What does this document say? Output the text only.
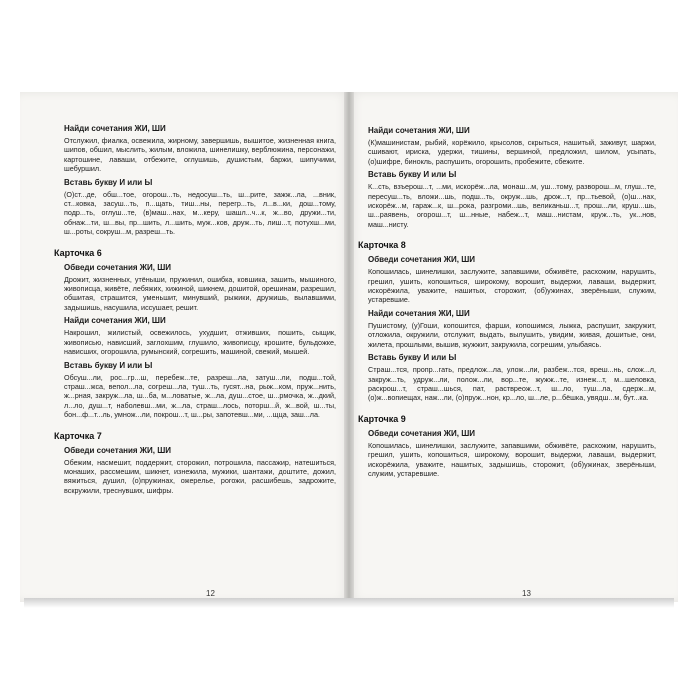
Найди сочетания ЖИ, ШИ
Отслужил, фиалка, освежила, жирному, завершишь, вышитое, жизненная книга, шипов, обшил, мыслить, жилым, вложила, шинелишку, верблюжина, персонажи, картошине, лаваши, отбежите, оглушишь, душистым, баржи, шипучими, шебуршил.
Вставь букву И или Ы
(О)ст...де, обш...тое, огорош...ть, недосуш...ть, ш...рите, зажж...ла, ...вник, ст...ковка, засуш...ть, п...щать, тиш...ны, перегр...ть, л...в...ки, дош...тому, подр...ть, оглуш...те, (в)маш...нах, м...керу, шашл...ч...к, ж...во, дружи...ти, обнаж...ти, ш...вы, пр...шить, л...шить, муж...ков, друж...ть, лиш...т, потухш...ми, ш...роты, сокруш...м, разреш...ть.
Карточка 6
Обведи сочетания ЖИ, ШИ
Дрожит, жизненных, утёныши, пружинил, ошибка, ковшика, зашить, мышиного, живописца, живёте, лебяжих, хижиной, шикнем, дошитой, орешинам, разрешил, обшитая, страшится, уменьшит, минувший, рыжики, дружишь, вылавшими, задышишь, насушила, иссушает, решит.
Найди сочетания ЖИ, ШИ
Накрошил, жилистый, освежилось, ухудшит, отживших, пошить, сыщик, живописью, нависший, заглохшим, глушило, живописцу, крошите, бульдожке, нависших, огорошила, румынский, согрешить, машиной, свежий, мышей.
Вставь букву И или Ы
Обсуш...ли, рос...гр...ш, перебеж...те, разреш...ла, затуш...ли, подш...той, страш...жса, вепол...ла, согреш...ла, туш...ть, гусят...на, рыж...ком, пруж...нить, ж...рная, закруж...ла, ш...ба, м...ловатые, ж...ла, душ...стое, ш...рмочка, ж...дкий, л...ло, душ...т, наболевш...ми, ж...ла, страш...лось, поторш...й, ж...вой, ш...ты, бон...ф...т...ль, умнож...ли, покрош...т, ш...ры, запотевш...ми, ...щца, заш...ла.
Карточка 7
Обведи сочетания ЖИ, ШИ
Обежим, насмешит, поддержит, сторожил, потрошила, пассажир, натешиться, монаших, рассмешим, шикнет, изнежила, мужики, шантажи, доштите, дожил, вяжиться, душил, (о)пружинах, ожерелье, рогожи, расшибешь, задрожите, вскружили, треснувших, шифры.
12
Найди сочетания ЖИ, ШИ
(К)машинистам, рыбий, корёжило, крысолов, скрыться, нашитый, заживут, шаржи, сшивают, ириска, удержи, тишины, вершиной, предложил, шилом, усыпать, (о)шифре, бинокль, распушить, огорошить, пробежите, сбежите.
Вставь букву И или Ы
К...сть, взъерош...т, ...ми, искорёж...ла, монаш...м, уш...тому, разворош...м, глуш...те, пересуш...ть, вложи...шь, подш...ть, окруж...шь, дрож...т, пр...тьевой, (о)ш...нах, искорёж...м, гараж...к, ш...рока, разгроми...шь, великаньш...т, прош...ли, круш...шь, ш...раявень, огорош...т, ш...нные, набеж...т, маш...нистам, круж...ть, ук...нов, маш...нисту.
Карточка 8
Обведи сочетания ЖИ, ШИ
Копошилась, шинелишки, заслужите, запавшими, обживёте, расхожим, нарушить, грешил, ушить, копошиться, широкому, ворошит, выдержи, лаваши, выдержит, искорёжила, уважите, нашитых, сторожит, (об)ужинах, зверёныши, служим, устаревшие.
Найди сочетания ЖИ, ШИ
Пушистому, (у)Гоши, копошится, фарши, копошимся, лыжка, распушит, закружит, отложила, окружили, отслужит, выдать, вылушить, увидим, живая, дошитые, они, жилета, прошлыми, вышив, жужжит, закружила, согрешим, улыбаясь.
Вставь букву И или Ы
Страш...тся, пропр...гать, предлож...ла, улож...ли, разбеж...тся, вреш...нь, слож...л, закруж...ть, удруж...ли, полож...ли, вор...те, жужж...те, изнеж...т, м...шеловка, раскрош...т, страш...шься, пат, раствреож...т, ш...ло, туш...ла, сдерж...м, (о)ж...вопиещах, наж...ли, (о)пруж...нон, кр...ло, ш...ле, р...бёшка, увядш...м, бут...ка.
Карточка 9
Обведи сочетания ЖИ, ШИ
Копошилась, шинелишки, заслужите, запавшими, обживёте, расхожим, нарушить, грешил, ушить, копошиться, широкому, ворошит, выдержи, лаваши, выдержит, искорёжила, уважите, нашитых, задышишь, сторожит, (об)ужинах, зверёныши, служим, устаревшие.
13
